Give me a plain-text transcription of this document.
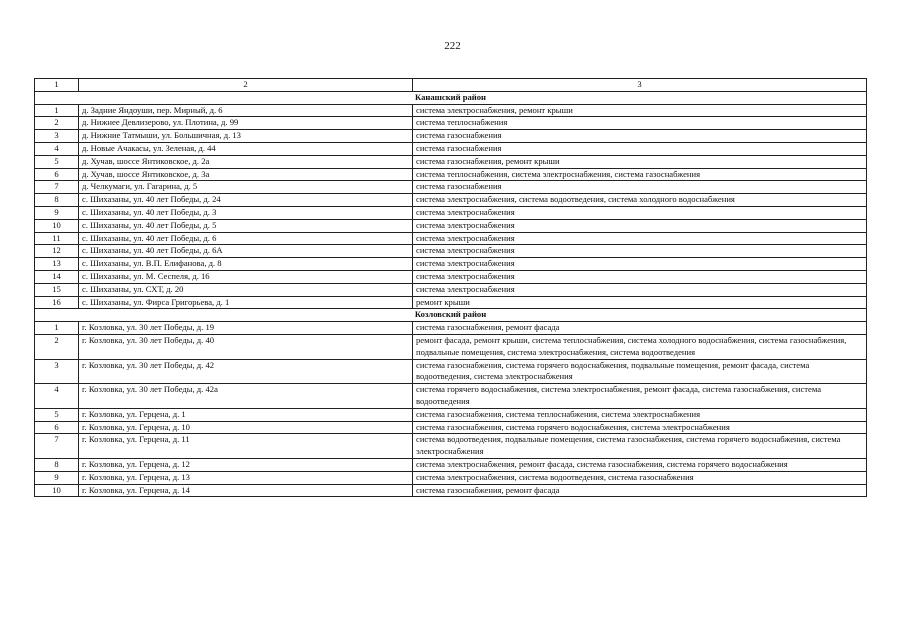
222
1	2	3
Канашский район		
1	д. Задние Яндоуши, пер. Мирный, д. 6	система электроснабжения, ремонт крыши
2	д. Нижнее Девлизерово, ул. Плотина, д. 99	система теплоснабжения
3	д. Нижние Татмыши, ул. Большичная, д. 13	система газоснабжения
4	д. Новые Ачакасы, ул. Зеленая, д. 44	система газоснабжения
5	д. Хучав, шоссе Янтиковское, д. 2а	система газоснабжения, ремонт крыши
6	д. Хучав, шоссе Янтиковское, д. 3а	система теплоснабжения, система электроснабжения, система газоснабжения
7	д. Челкумаги, ул. Гагарина, д. 5	система газоснабжения
8	с. Шихазаны, ул. 40 лет Победы, д. 24	система электроснабжения, система водоотведения, система холодного водоснабжения
9	с. Шихазаны, ул. 40 лет Победы, д. 3	система электроснабжения
10	с. Шихазаны, ул. 40 лет Победы, д. 5	система электроснабжения
11	с. Шихазаны, ул. 40 лет Победы, д. 6	система электроснабжения
12	с. Шихазаны, ул. 40 лет Победы, д. 6А	система электроснабжения
13	с. Шихазаны, ул. В.П. Елифанова, д. 8	система электроснабжения
14	с. Шихазаны, ул. М. Сеспеля, д. 16	система электроснабжения
15	с. Шихазаны, ул. СХТ, д. 20	система электроснабжения
16	с. Шихазаны, ул. Фирса Григорьева, д. 1	ремонт крыши
Козловский район		
1	г. Козловка, ул. 30 лет Победы, д. 19	система газоснабжения, ремонт фасада
2	г. Козловка, ул. 30 лет Победы, д. 40	ремонт фасада, ремонт крыши, система теплоснабжения, система холодного водоснабжения, система газоснабжения, подвальные помещения, система электроснабжения, система водоотведения
3	г. Козловка, ул. 30 лет Победы, д. 42	система газоснабжения, система горячего водоснабжения, подвальные помещения, ремонт фасада, система водоотведения, система электроснабжения
4	г. Козловка, ул. 30 лет Победы, д. 42а	система горячего водоснабжения, система электроснабжения, ремонт фасада, система газоснабжения, система водоотведения
5	г. Козловка, ул. Герцена, д. 1	система газоснабжения, система теплоснабжения, система электроснабжения
6	г. Козловка, ул. Герцена, д. 10	система газоснабжения, система горячего водоснабжения, система электроснабжения
7	г. Козловка, ул. Герцена, д. 11	система водоотведения, подвальные помещения, система газоснабжения, система горячего водоснабжения, система электроснабжения
8	г. Козловка, ул. Герцена, д. 12	система электроснабжения, ремонт фасада, система газоснабжения, система горячего водоснабжения
9	г. Козловка, ул. Герцена, д. 13	система электроснабжения, система водоотведения, система газоснабжения
10	г. Козловка, ул. Герцена, д. 14	система газоснабжения, ремонт фасада
